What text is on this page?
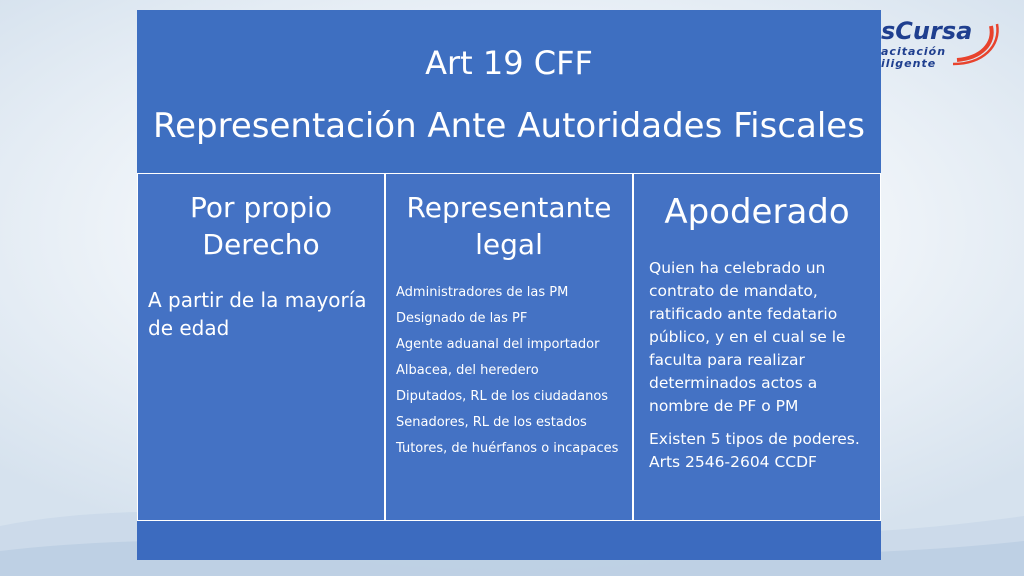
sCursa
acitación
iligente
Art 19 CFF
Representación Ante Autoridades Fiscales
Por propio Derecho
A partir de la mayoría de edad
Representante legal
Administradores de las PM
Designado de las PF
Agente aduanal del importador
Albacea, del heredero
Diputados, RL de los ciudadanos
Senadores, RL de los estados
Tutores, de huérfanos o incapaces
Apoderado

Quien ha celebrado un contrato de mandato, ratificado ante fedatario público, y en el cual se le faculta para realizar determinados actos a nombre de PF o PM

Existen 5 tipos de poderes. Arts 2546-2604 CCDF
